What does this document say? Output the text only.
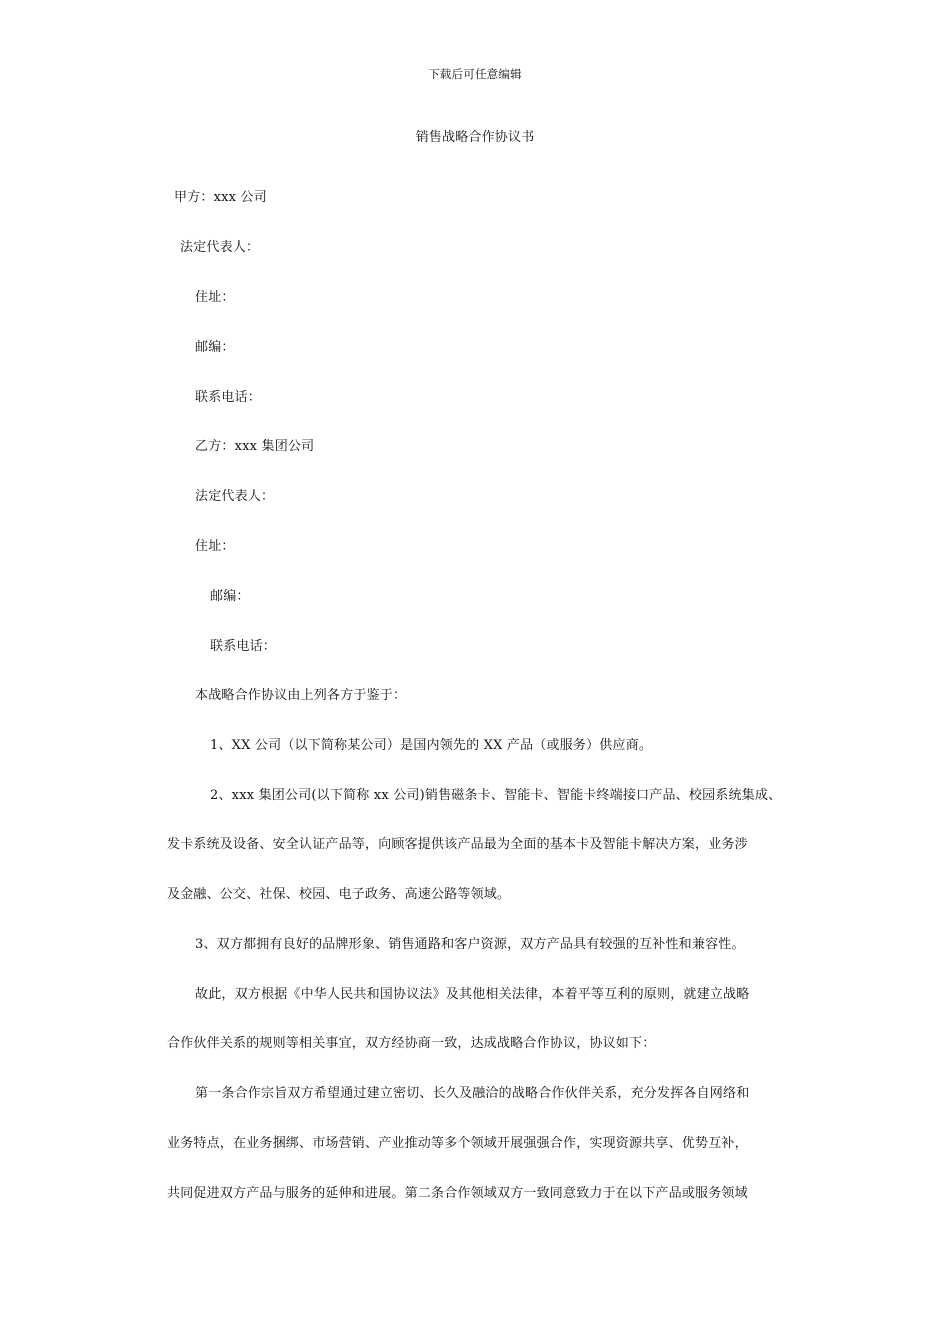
下载后可任意编辑
销售战略合作协议书
甲方：xxx 公司
法定代表人：
住址：
邮编：
联系电话：
乙方：xxx 集团公司
法定代表人：
住址：
邮编：
联系电话：
本战略合作协议由上列各方于鉴于：
1、XX 公司（以下简称某公司）是国内领先的 XX 产品（或服务）供应商。
2、xxx 集团公司(以下简称 xx 公司)销售磁条卡、智能卡、智能卡终端接口产品、校园系统集成、
发卡系统及设备、安全认证产品等，向顾客提供该产品最为全面的基本卡及智能卡解决方案，业务涉
及金融、公交、社保、校园、电子政务、高速公路等领域。
3、双方都拥有良好的品牌形象、销售通路和客户资源，双方产品具有较强的互补性和兼容性。
故此，双方根据《中华人民共和国协议法》及其他相关法律，本着平等互利的原则，就建立战略
合作伙伴关系的规则等相关事宜，双方经协商一致，达成战略合作协议，协议如下：
第一条合作宗旨双方希望通过建立密切、长久及融洽的战略合作伙伴关系，充分发挥各自网络和
业务特点，在业务捆绑、市场营销、产业推动等多个领域开展强强合作，实现资源共享、优势互补，
共同促进双方产品与服务的延伸和进展。第二条合作领域双方一致同意致力于在以下产品或服务领域
